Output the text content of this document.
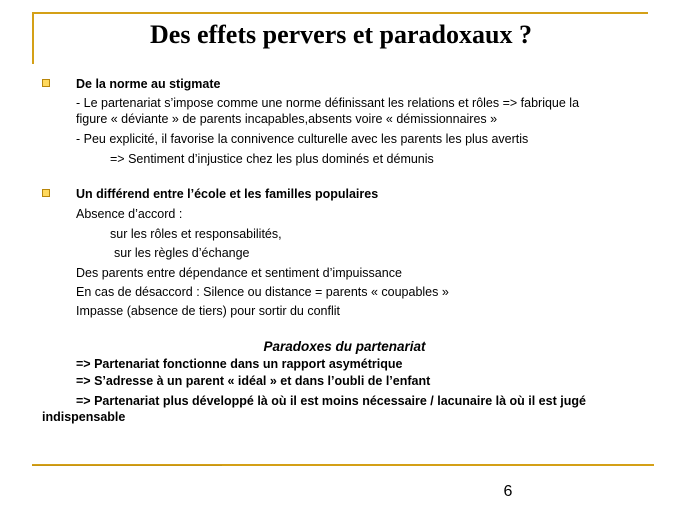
Des effets pervers et paradoxaux ?
De la norme au stigmate
- Le partenariat s’impose comme une norme définissant les relations et rôles => fabrique la
figure « déviante » de parents incapables,absents voire « démissionnaires »
- Peu explicité, il favorise la connivence culturelle avec les parents les plus avertis
=> Sentiment d’injustice chez les plus dominés et démunis
Un différend entre l’école et les familles populaires
Absence d’accord :
sur les rôles et responsabilités,
sur les règles d’échange
Des parents entre dépendance et sentiment d’impuissance
En cas de désaccord : Silence ou distance = parents « coupables »
Impasse (absence de tiers) pour sortir du conflit
Paradoxes du partenariat
=> Partenariat fonctionne dans un rapport asymétrique
=> S’adresse à un parent « idéal » et dans l’oubli de l’enfant
=> Partenariat plus développé là où il est moins nécessaire / lacunaire là où il est jugé
indispensable
6
